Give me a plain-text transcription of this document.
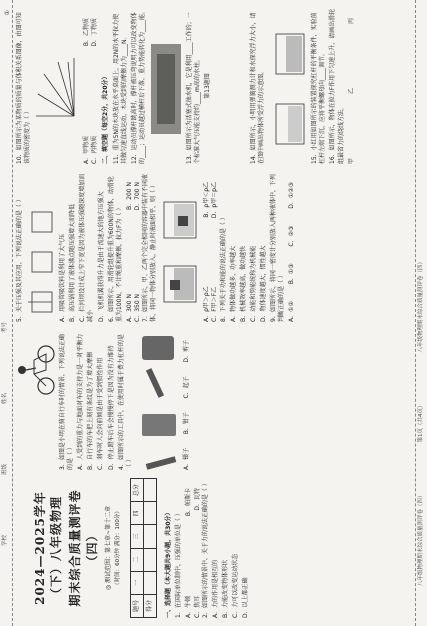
学校
班级
姓名
考号
2024—2025学年（下）八年级物理 期末综合质量测评卷（四） ◎ 测试范围：第七章~第十二章 （时间：60分钟 满分：100分）
题号	一	二	三	四	总分
得分					一、选择题（本大题共9小题，共30分） 1．在国际单位制中，压强的单位是（ ） A．牛顿
B．帕斯卡
C．焦耳
D．瓦特 2．如图所示的情景中，关于力的说法正确的是（ ） A．力的作用是相互的 B．力能改变物体形状 C．力可以改变运动状态 D．以上都正确
3．如图是小明在骑自行车时的情景，下列说法正确的是（ ） A．人受到的重力与地面对车的支持力是一对平衡力 B．自行车的车把上刻有条纹是为了增大摩擦 C．刹车时人会向前倾是由于受到惯性作用 D．停止蹬车后车会慢慢停下是因为没有力维持 4．如图所示的工具中，在使用时属于费力杠杆的是（ ）	A．镊子
B．钳子
C．起子
D．剪子
5．关于压强及其应用，下列说法正确的是（ ）	A．用吸管吸饮料是利用了大气压 B．高压锅利用了液体沸点随压强增大而降低 C．拦河坝设计成上窄下宽是因为液体压强随深度增加而减小 D．飞机机翼获得升力是由于流速大的地方压强大 6．如图所示，用滑轮组提升重为600N的物体，动滑轮重为100N，不计绳重和摩擦，拉力F为（ ） A．300 N
B．200 N
C．350 N
D．700 N 7．如图所示，甲、乙两个完全相同的容器中装有不同液体，将同一物体分别放入，静止时液面相平，则（ ）	A．ρ甲＞ρ乙
B．ρ甲＜ρ乙
C．F甲＞F乙
D．p甲＝p乙
8．下列关于功和能的说法正确的是（ ） A．物体做功越多，功率越大 B．机械效率越高，做功越快 C．动能和势能统称为机械能 D．物体速度越大，惯性越大 9．如图所示，将同一密度计分别放入两种液体中，下列判断正确的是（ ） A．①②
B．①③
C．②③
D．①②③
10．如图所示为某物质的质量与体积关系图像，由图可知该物质的密度为（ ）	A．甲物质
B．乙物质
C．丙物质
D．丁物质
二、填空题（每空2分，共20分） 11．重为5N的木块放在水平桌面上，用2N的水平拉力使其做匀速直线运动，木块受到的摩擦力为____N。 12．运动员撑杆跳高时，撑杆被压弯说明力可以改变物体的____；运动员越过横杆后下落，重力势能转化为____能。	13．如图所示为活塞式抽水机，它是利用____工作的；一个标准大气压能支持约____m高的水柱。 第13题图	14．如图所示，小明用弹簧测力计和水探究浮力大小，请在图中画出物体所受浮力的示意图。	15．小红用如图所示的装置探究杠杆的平衡条件，实验前杠杆左端下沉，应将平衡螺母向____调节。 16．如图所示，物体在拉力F作用下匀速上升，请画出滑轮组最省力的绕线方法。 甲
乙
丙
①
八年级物理期末综合质量测评卷（四）
第1页（共4页）
八年级物理期末综合质量测评卷（四）
